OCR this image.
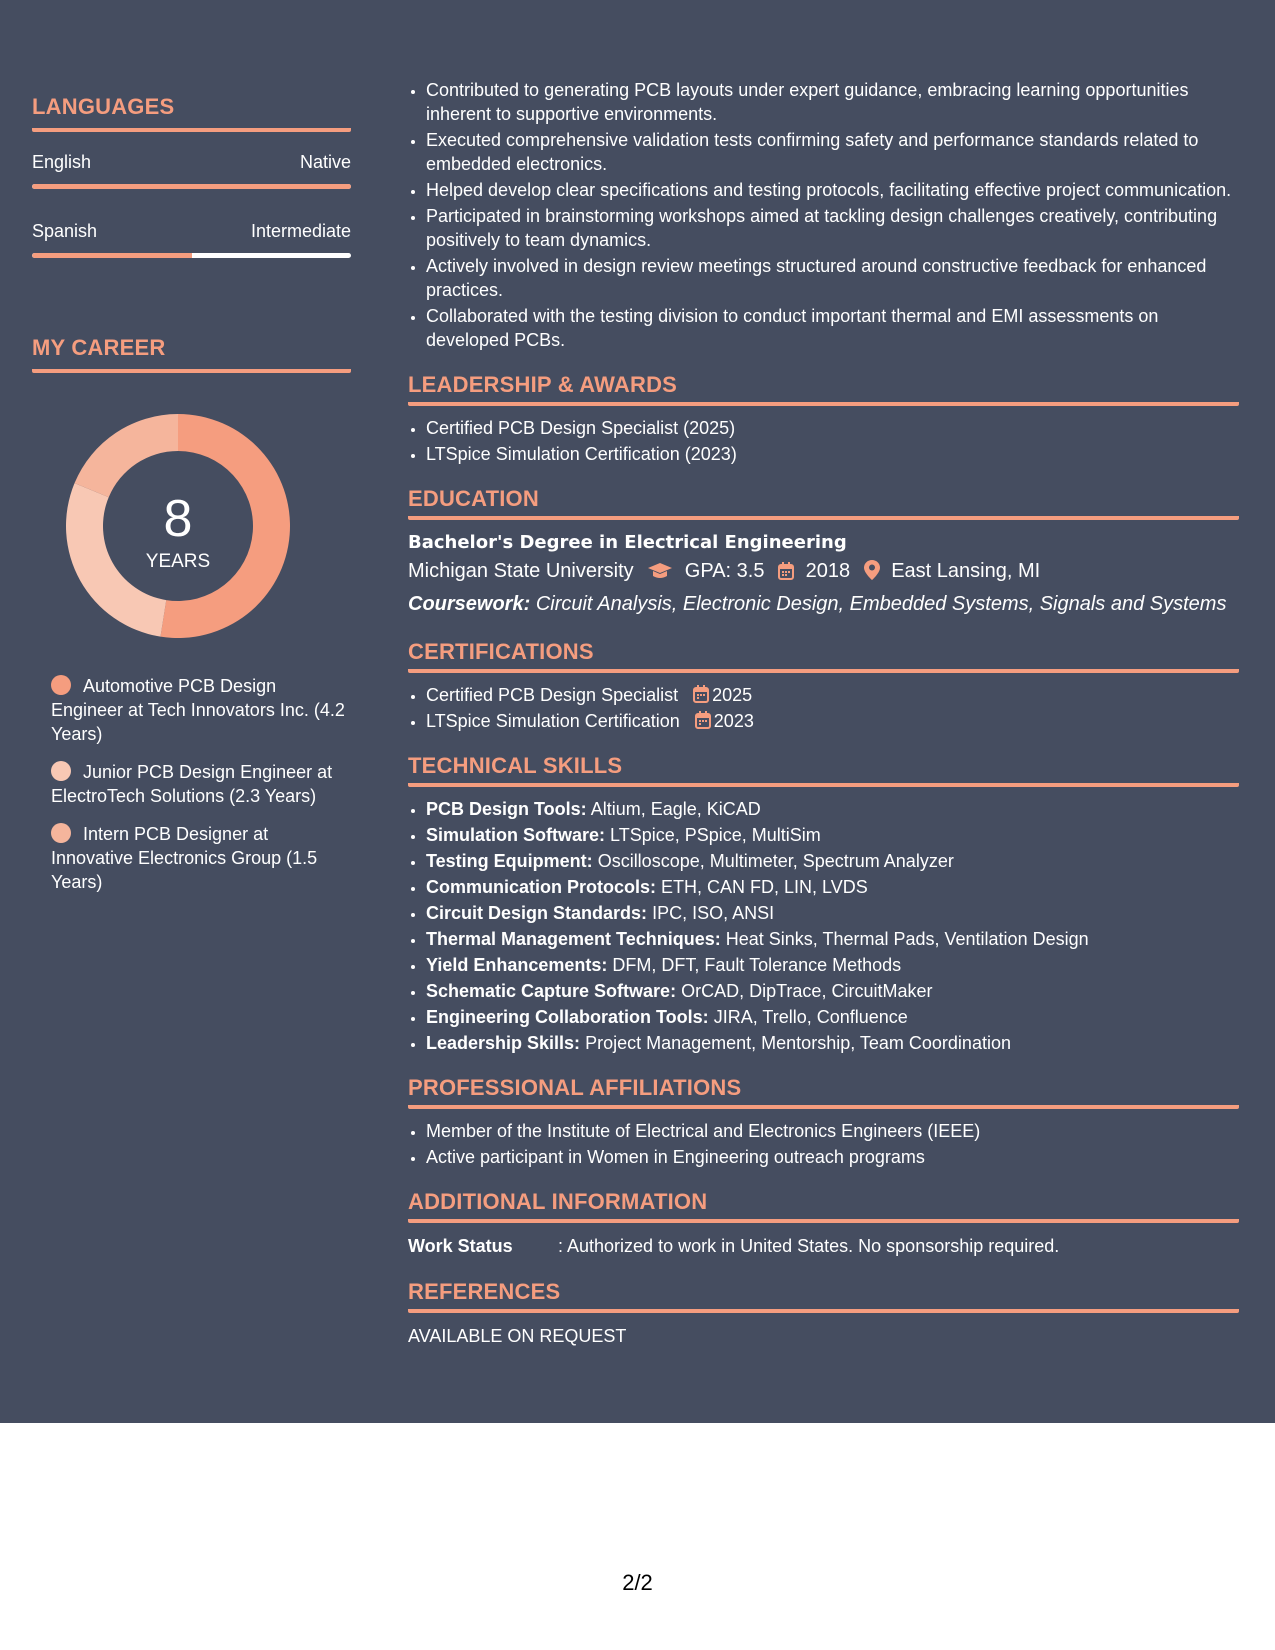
LANGUAGES
English	Native
Spanish	Intermediate
MY CAREER
8
YEARS
Automotive PCB Design Engineer at Tech Innovators Inc. (4.2 Years)
Junior PCB Design Engineer at ElectroTech Solutions (2.3 Years)
Intern PCB Designer at Innovative Electronics Group (1.5 Years)
• Contributed to generating PCB layouts under expert guidance, embracing learning opportunities inherent to supportive environments.
• Executed comprehensive validation tests confirming safety and performance standards related to embedded electronics.
• Helped develop clear specifications and testing protocols, facilitating effective project communication.
• Participated in brainstorming workshops aimed at tackling design challenges creatively, contributing positively to team dynamics.
• Actively involved in design review meetings structured around constructive feedback for enhanced practices.
• Collaborated with the testing division to conduct important thermal and EMI assessments on developed PCBs.
LEADERSHIP & AWARDS
• Certified PCB Design Specialist (2025)
• LTSpice Simulation Certification (2023)
EDUCATION
Bachelor's Degree in Electrical Engineering
Michigan State University	GPA: 3.5 2018 East Lansing, MI
Coursework: Circuit Analysis, Electronic Design, Embedded Systems, Signals and Systems
CERTIFICATIONS
• Certified PCB Design Specialist 2025
• LTSpice Simulation Certification 2023
TECHNICAL SKILLS
• PCB Design Tools: Altium, Eagle, KiCAD
• Simulation Software: LTSpice, PSpice, MultiSim
• Testing Equipment: Oscilloscope, Multimeter, Spectrum Analyzer
• Communication Protocols: ETH, CAN FD, LIN, LVDS
• Circuit Design Standards: IPC, ISO, ANSI
• Thermal Management Techniques: Heat Sinks, Thermal Pads, Ventilation Design
• Yield Enhancements: DFM, DFT, Fault Tolerance Methods
• Schematic Capture Software: OrCAD, DipTrace, CircuitMaker
• Engineering Collaboration Tools: JIRA, Trello, Confluence
• Leadership Skills: Project Management, Mentorship, Team Coordination
PROFESSIONAL AFFILIATIONS
• Member of the Institute of Electrical and Electronics Engineers (IEEE)
• Active participant in Women in Engineering outreach programs
ADDITIONAL INFORMATION
Work Status	: Authorized to work in United States. No sponsorship required.
REFERENCES
AVAILABLE ON REQUEST
2/2
